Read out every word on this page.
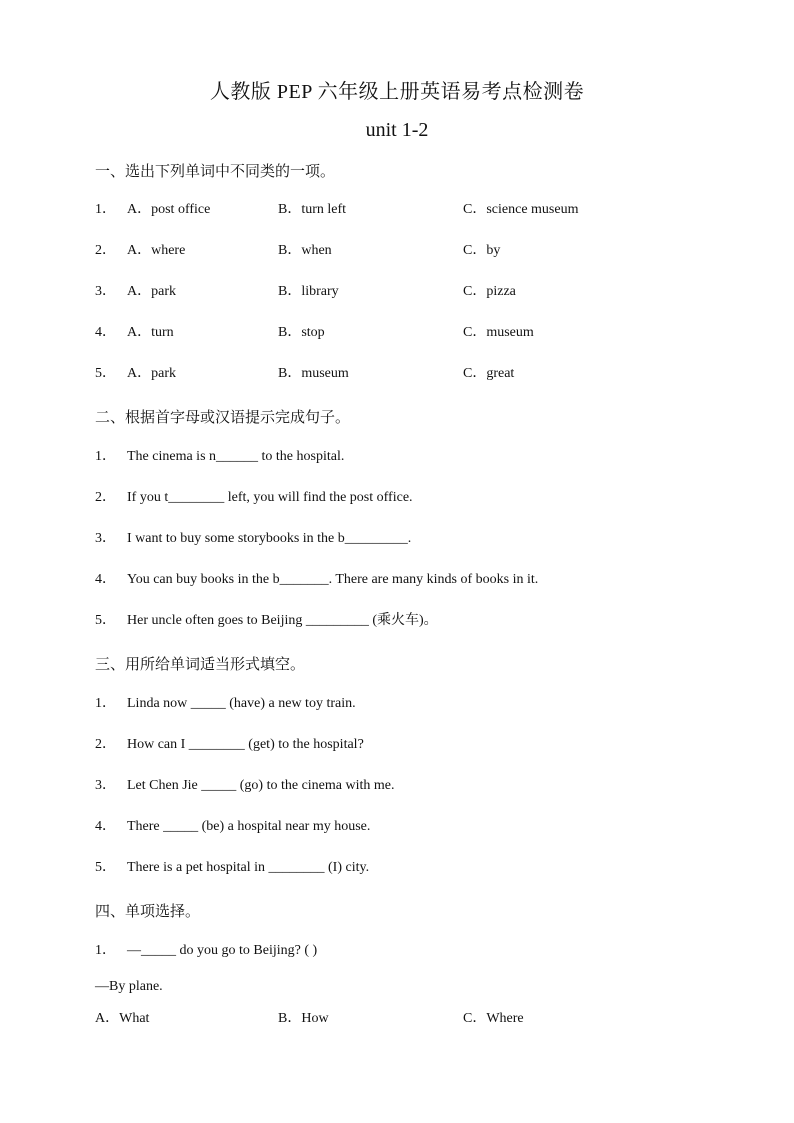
人教版 PEP 六年级上册英语易考点检测卷
unit 1-2
一、选出下列单词中不同类的一项。
1． A．post office	B．turn left	C．science museum
2． A．where	B．when	C．by
3． A．park	B．library	C．pizza
4． A．turn	B．stop	C．museum
5． A．park	B．museum	C．great
二、根据首字母或汉语提示完成句子。
1． The cinema is n______ to the hospital.
2． If you t________ left, you will find the post office.
3． I want to buy some storybooks in the b_________.
4． You can buy books in the b_______. There are many kinds of books in it.
5． Her uncle often goes to Beijing _________ (乘火车)。
三、用所给单词适当形式填空。
1． Linda now _____ (have) a new toy train.
2． How can I ________ (get) to the hospital?
3． Let Chen Jie _____ (go) to the cinema with me.
4． There _____ (be) a hospital near my house.
5． There is a pet hospital in ________ (I) city.
四、单项选择。
1． —_____ do you go to Beijing? ( )
—By plane.
A．What	B．How	C．Where
